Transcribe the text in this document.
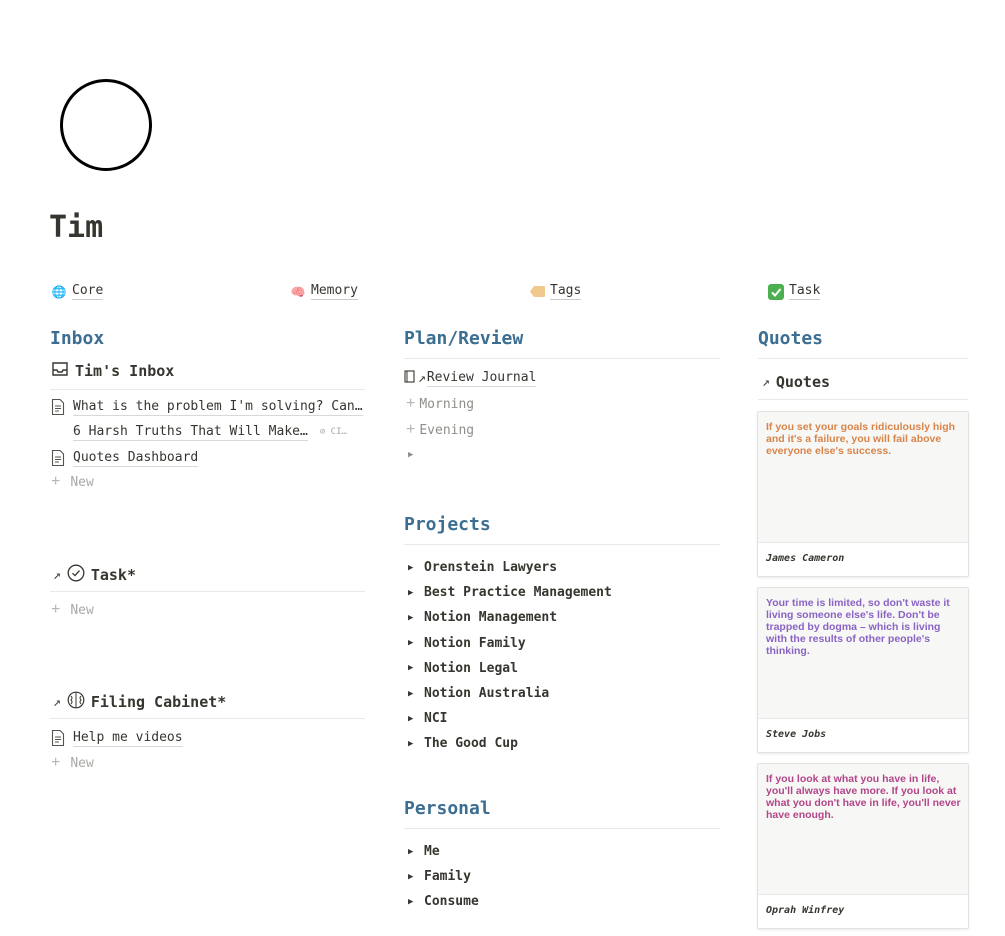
Tim
🌐 Core	🧠 Memory	Tags	Task
Inbox
Tim's Inbox
What is the problem I'm solving? Can…
6 Harsh Truths That Will Make… ⊘ CI…
Quotes Dashboard
+ New
↗ Task*
+ New
↗ Filing Cabinet*
Help me videos
+ New
Plan/Review
↗ Review Journal
+ Morning
+ Evening
▶
Projects
▶ Orenstein Lawyers
▶ Best Practice Management
▶ Notion Management
▶ Notion Family
▶ Notion Legal
▶ Notion Australia
▶ NCI
▶ The Good Cup
Personal
▶ Me
▶ Family
▶ Consume
Quotes
↗ Quotes
If you set your goals ridiculously high and it's a failure, you will fail above everyone else's success.
James Cameron
Your time is limited, so don't waste it living someone else's life. Don't be trapped by dogma – which is living with the results of other people's thinking.
Steve Jobs
If you look at what you have in life, you'll always have more. If you look at what you don't have in life, you'll never have enough.
Oprah Winfrey
